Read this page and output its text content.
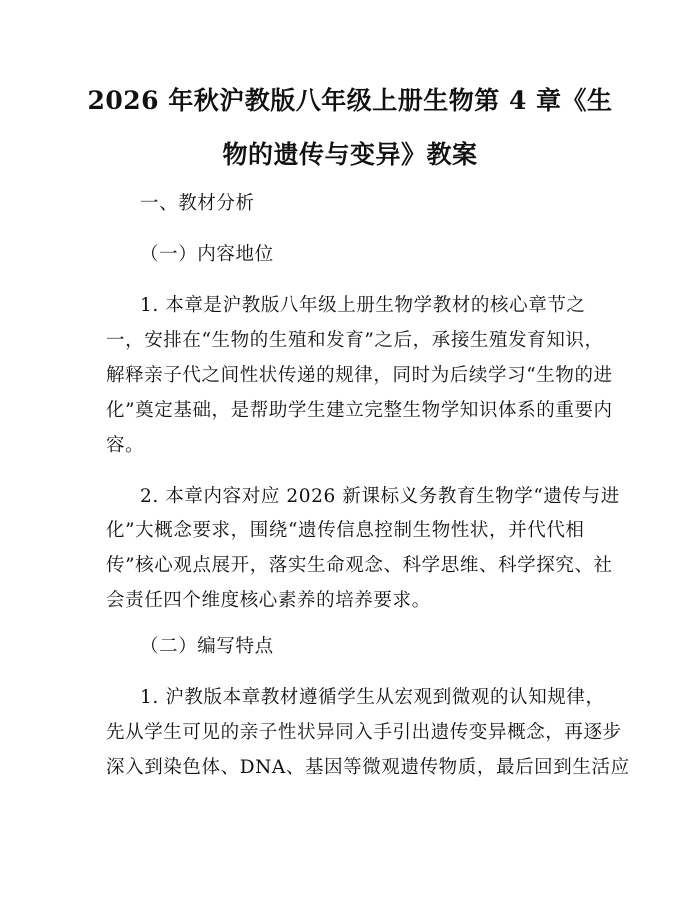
2026 年秋沪教版八年级上册生物第 4 章《生
物的遗传与变异》教案
一、教材分析
（一）内容地位
1. 本章是沪教版八年级上册生物学教材的核心章节之
一，安排在“生物的生殖和发育”之后，承接生殖发育知识，
解释亲子代之间性状传递的规律，同时为后续学习“生物的进
化”奠定基础，是帮助学生建立完整生物学知识体系的重要内
容。
2. 本章内容对应 2026 新课标义务教育生物学“遗传与进
化”大概念要求，围绕“遗传信息控制生物性状，并代代相
传”核心观点展开，落实生命观念、科学思维、科学探究、社
会责任四个维度核心素养的培养要求。
（二）编写特点
1. 沪教版本章教材遵循学生从宏观到微观的认知规律，
先从学生可见的亲子性状异同入手引出遗传变异概念，再逐步
深入到染色体、DNA、基因等微观遗传物质，最后回到生活应
